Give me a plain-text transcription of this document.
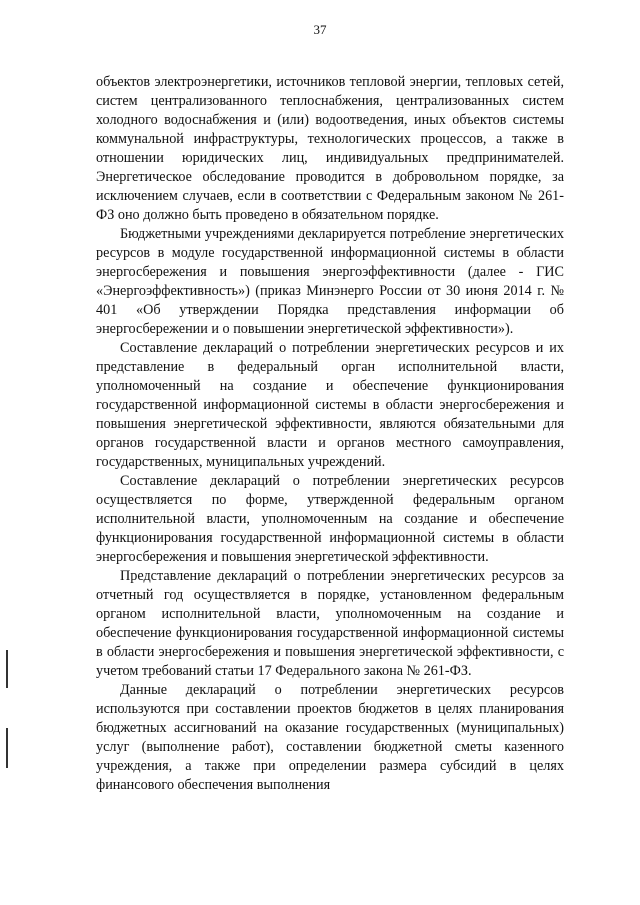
37

объектов электроэнергетики, источников тепловой энергии, тепловых сетей, систем централизованного теплоснабжения, централизованных систем холодного водоснабжения и (или) водоотведения, иных объектов системы коммунальной инфраструктуры, технологических процессов, а также в отношении юридических лиц, индивидуальных предпринимателей. Энергетическое обследование проводится в добровольном порядке, за исключением случаев, если в соответствии с Федеральным законом № 261-ФЗ оно должно быть проведено в обязательном порядке.

Бюджетными учреждениями декларируется потребление энергетических ресурсов в модуле государственной информационной системы в области энергосбережения и повышения энергоэффективности (далее - ГИС «Энергоэффективность») (приказ Минэнерго России от 30 июня 2014 г. № 401 «Об утверждении Порядка представления информации об энергосбережении и о повышении энергетической эффективности»).

Составление деклараций о потреблении энергетических ресурсов и их представление в федеральный орган исполнительной власти, уполномоченный на создание и обеспечение функционирования государственной информационной системы в области энергосбережения и повышения энергетической эффективности, являются обязательными для органов государственной власти и органов местного самоуправления, государственных, муниципальных учреждений.

Составление деклараций о потреблении энергетических ресурсов осуществляется по форме, утвержденной федеральным органом исполнительной власти, уполномоченным на создание и обеспечение функционирования государственной информационной системы в области энергосбережения и повышения энергетической эффективности.

Представление деклараций о потреблении энергетических ресурсов за отчетный год осуществляется в порядке, установленном федеральным органом исполнительной власти, уполномоченным на создание и обеспечение функционирования государственной информационной системы в области энергосбережения и повышения энергетической эффективности, с учетом требований статьи 17 Федерального закона № 261-ФЗ.

Данные деклараций о потреблении энергетических ресурсов используются при составлении проектов бюджетов в целях планирования бюджетных ассигнований на оказание государственных (муниципальных) услуг (выполнение работ), составлении бюджетной сметы казенного учреждения, а также при определении размера субсидий в целях финансового обеспечения выполнения
